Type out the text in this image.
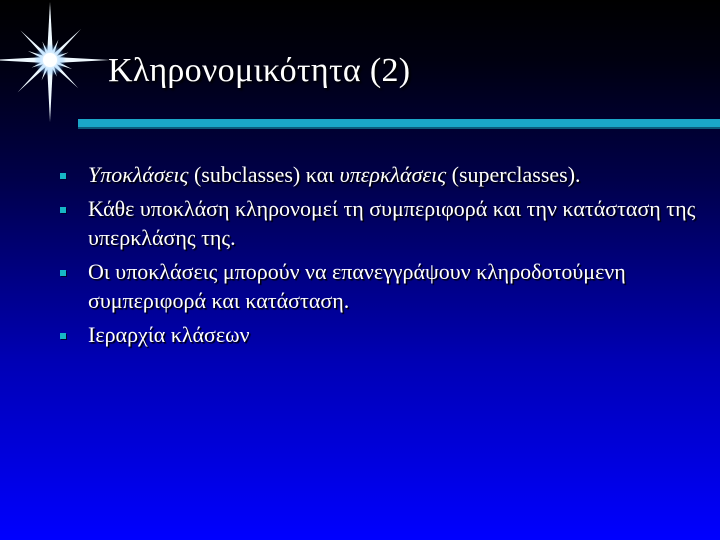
Κληρονομικότητα (2)
Υποκλάσεις (subclasses) και υπερκλάσεις (superclasses).
Κάθε υποκλάση κληρονομεί τη συμπεριφορά και την κατάσταση της υπερκλάσης της.
Οι υποκλάσεις μπορούν να επανεγγράψουν κληροδοτούμενη συμπεριφορά και κατάσταση.
Ιεραρχία κλάσεων
